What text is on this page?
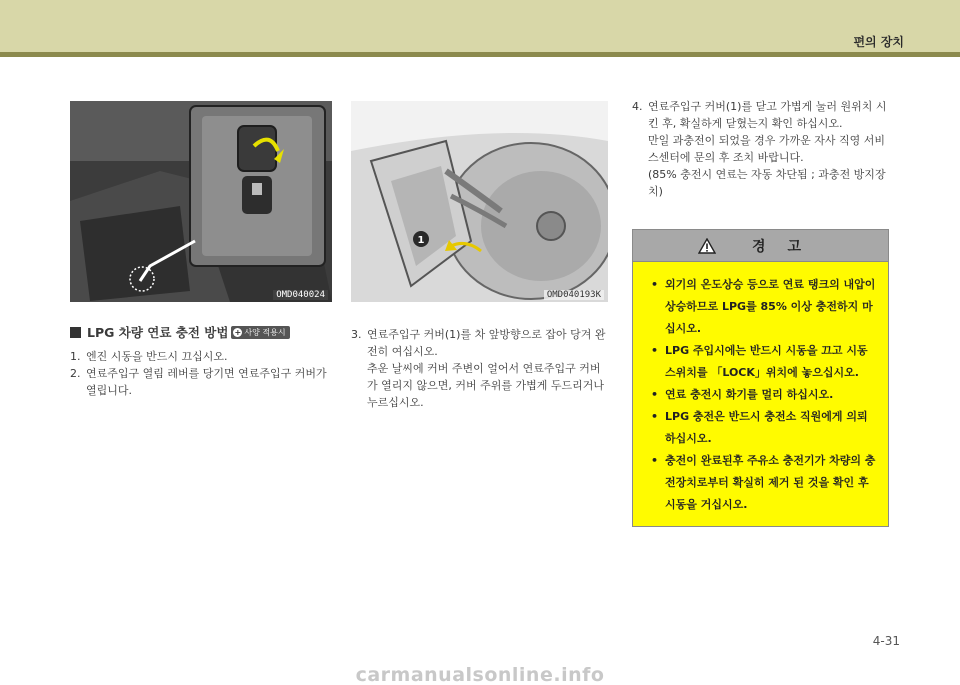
편의 장치
OMD040024
1
OMD040193K
LPG 차량 연료 충전 방법 + 사양 적용시
1. 엔진 시동을 반드시 끄십시오.
2. 연료주입구 열림 레버를 당기면 연료주입구 커버가 열립니다.
3. 연료주입구 커버(1)를 차 앞방향으로 잡아 당겨 완전히 여십시오.
추운 날씨에 커버 주변이 얼어서 연료주입구 커버가 열리지 않으면, 커버 주위를 가볍게 두드리거나 누르십시오.
4. 연료주입구 커버(1)를 닫고 가볍게 눌러 원위치 시킨 후, 확실하게 닫혔는지 확인 하십시오.
만일 과충전이 되었을 경우 가까운 자사 직영 서비스센터에 문의 후 조치 바랍니다.
(85% 충전시 연료는 자동 차단됨 ; 과충전 방지장치)
경고
• 외기의 온도상승 등으로 연료 탱크의 내압이 상승하므로 LPG를 85% 이상 충전하지 마십시오.
• LPG 주입시에는 반드시 시동을 끄고 시동 스위치를 「LOCK」위치에 놓으십시오.
• 연료 충전시 화기를 멀리 하십시오.
• LPG 충전은 반드시 충전소 직원에게 의뢰하십시오.
• 충전이 완료된후 주유소 충전기가 차량의 충전장치로부터 확실히 제거 된 것을 확인 후 시동을 거십시오.
4-31
carmanualsonline.info
